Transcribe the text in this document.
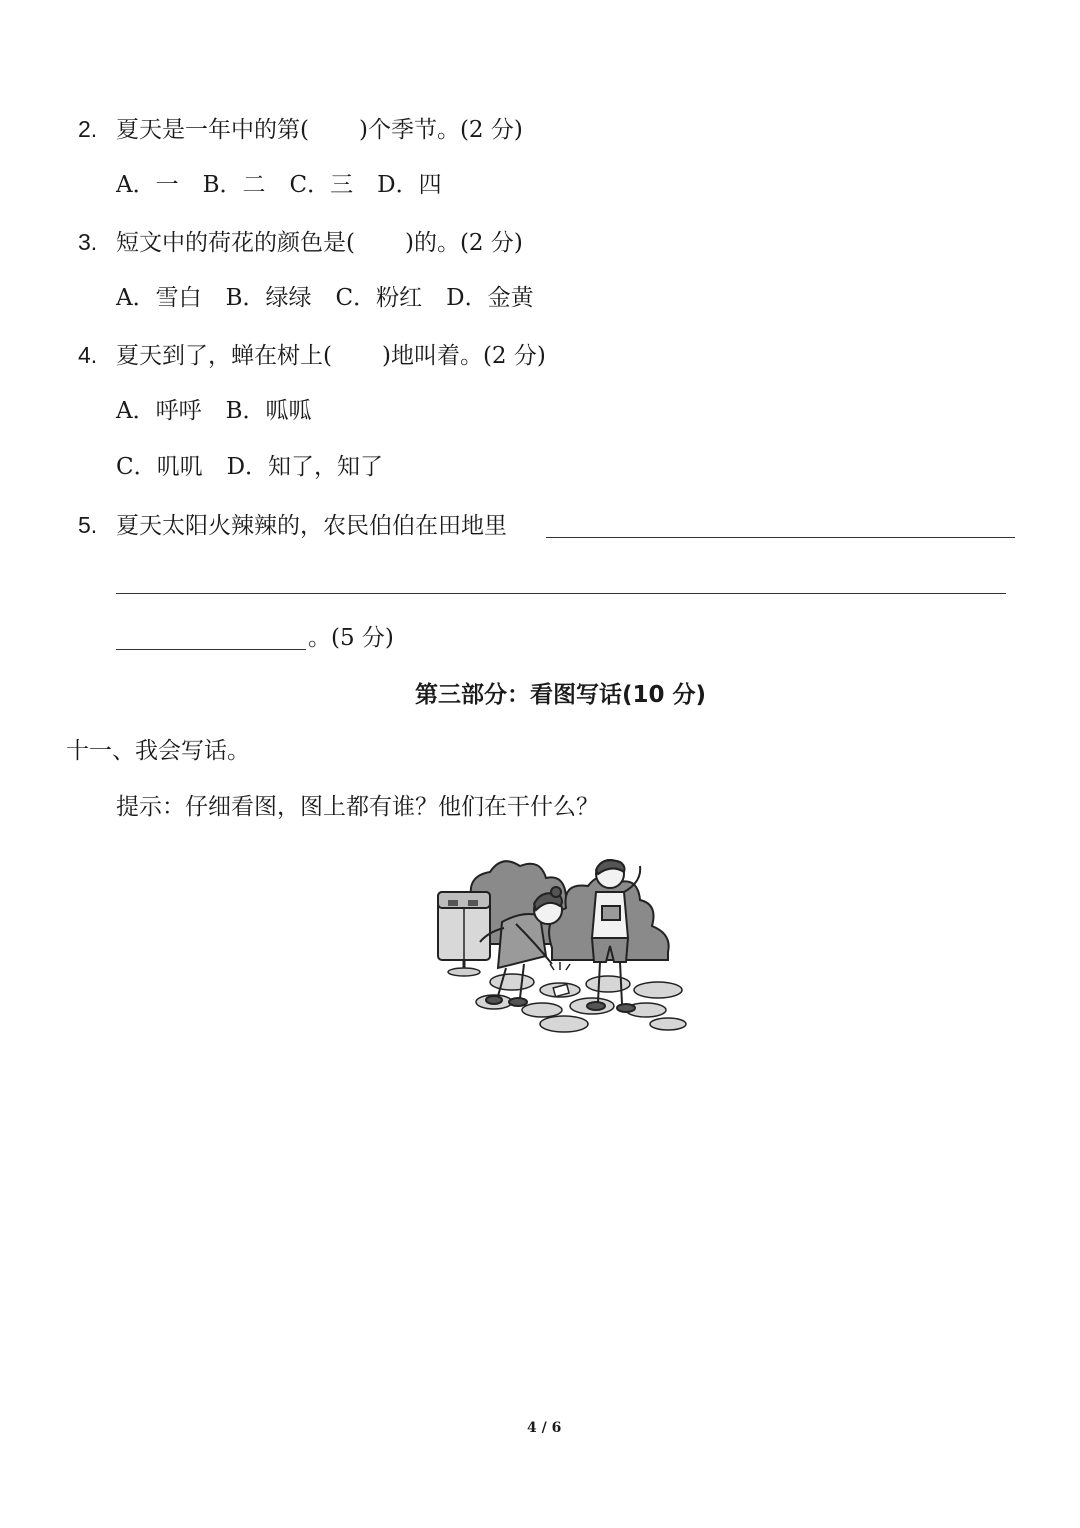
2. 夏天是一年中的第( )个季节。(2 分)
A．一 B．二 C．三 D．四
3. 短文中的荷花的颜色是( )的。(2 分)
A．雪白 B．绿绿 C．粉红 D．金黄
4. 夏天到了，蝉在树上( )地叫着。(2 分)
A．呼呼 B．呱呱
C．叽叽 D．知了，知了
5. 夏天太阳火辣辣的，农民伯伯在田地里
。(5 分)
第三部分：看图写话(10 分)
十一、我会写话。
提示：仔细看图，图上都有谁？他们在干什么？
4 / 6
